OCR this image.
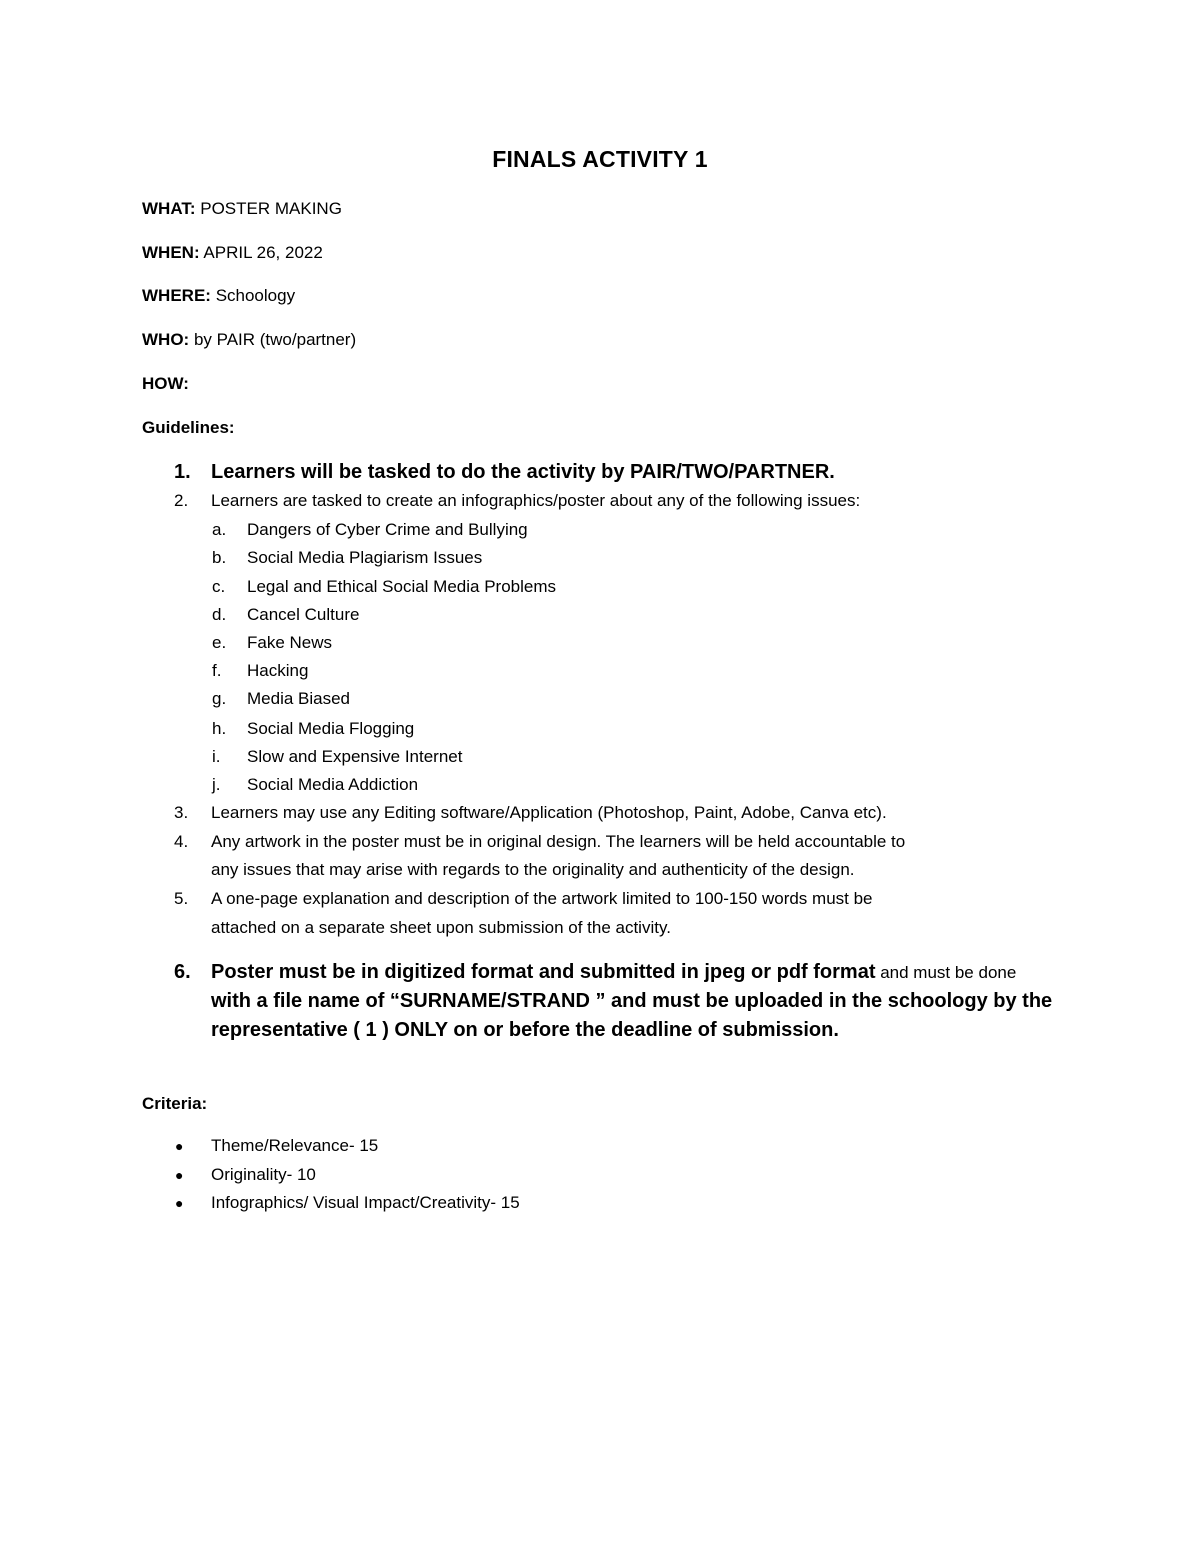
FINALS ACTIVITY 1
WHAT: POSTER MAKING
WHEN: APRIL 26, 2022
WHERE: Schoology
WHO: by PAIR (two/partner)
HOW:
Guidelines:
1. Learners will be tasked to do the activity by PAIR/TWO/PARTNER.
2. Learners are tasked to create an infographics/poster about any of the following issues:
a. Dangers of Cyber Crime and Bullying
b. Social Media Plagiarism Issues
c. Legal and Ethical Social Media Problems
d. Cancel Culture
e. Fake News
f. Hacking
g. Media Biased
h. Social Media Flogging
i. Slow and Expensive Internet
j. Social Media Addiction
3. Learners may use any Editing software/Application (Photoshop, Paint, Adobe, Canva etc).
4. Any artwork in the poster must be in original design. The learners will be held accountable to
any issues that may arise with regards to the originality and authenticity of the design.
5. A one-page explanation and description of the artwork limited to 100-150 words must be
attached on a separate sheet upon submission of the activity.
6. Poster must be in digitized format and submitted in jpeg or pdf format and must be done
with a file name of “SURNAME/STRAND ” and must be uploaded in the schoology by the
representative ( 1 ) ONLY on or before the deadline of submission.
Criteria:
● Theme/Relevance- 15
● Originality- 10
● Infographics/ Visual Impact/Creativity- 15
